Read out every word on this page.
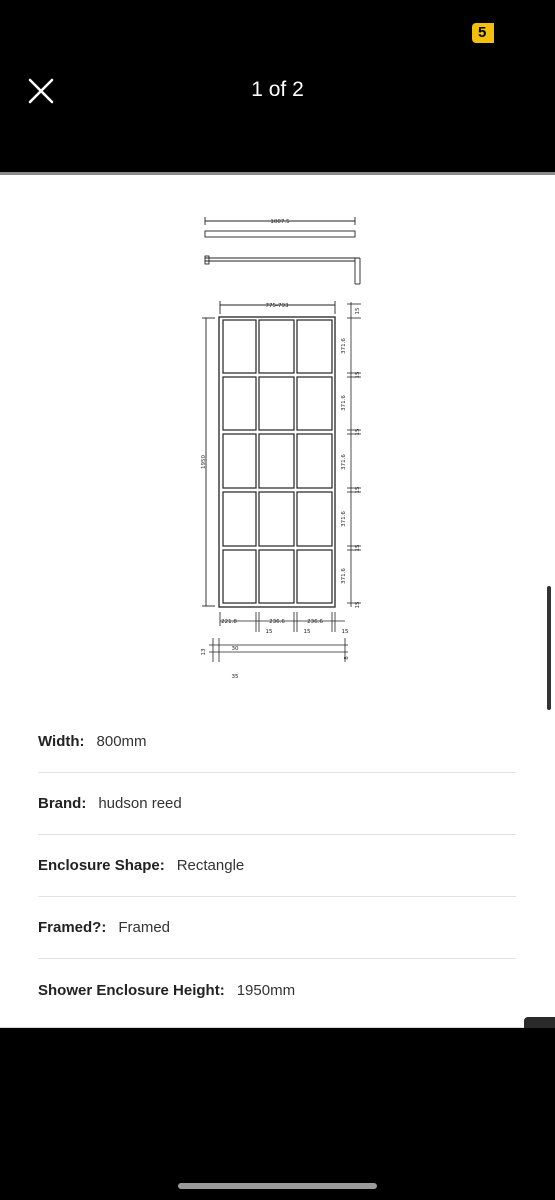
5
1 of 2
1007.5
775-793
1950
221.8	236.6	236.6
15	15	15
30
13
35
8
15
371.6
15
371.6
15
371.6
15
371.6
15
371.6
15
Width: 800mm
Brand: hudson reed
Enclosure Shape: Rectangle
Framed?: Framed
Shower Enclosure Height: 1950mm
